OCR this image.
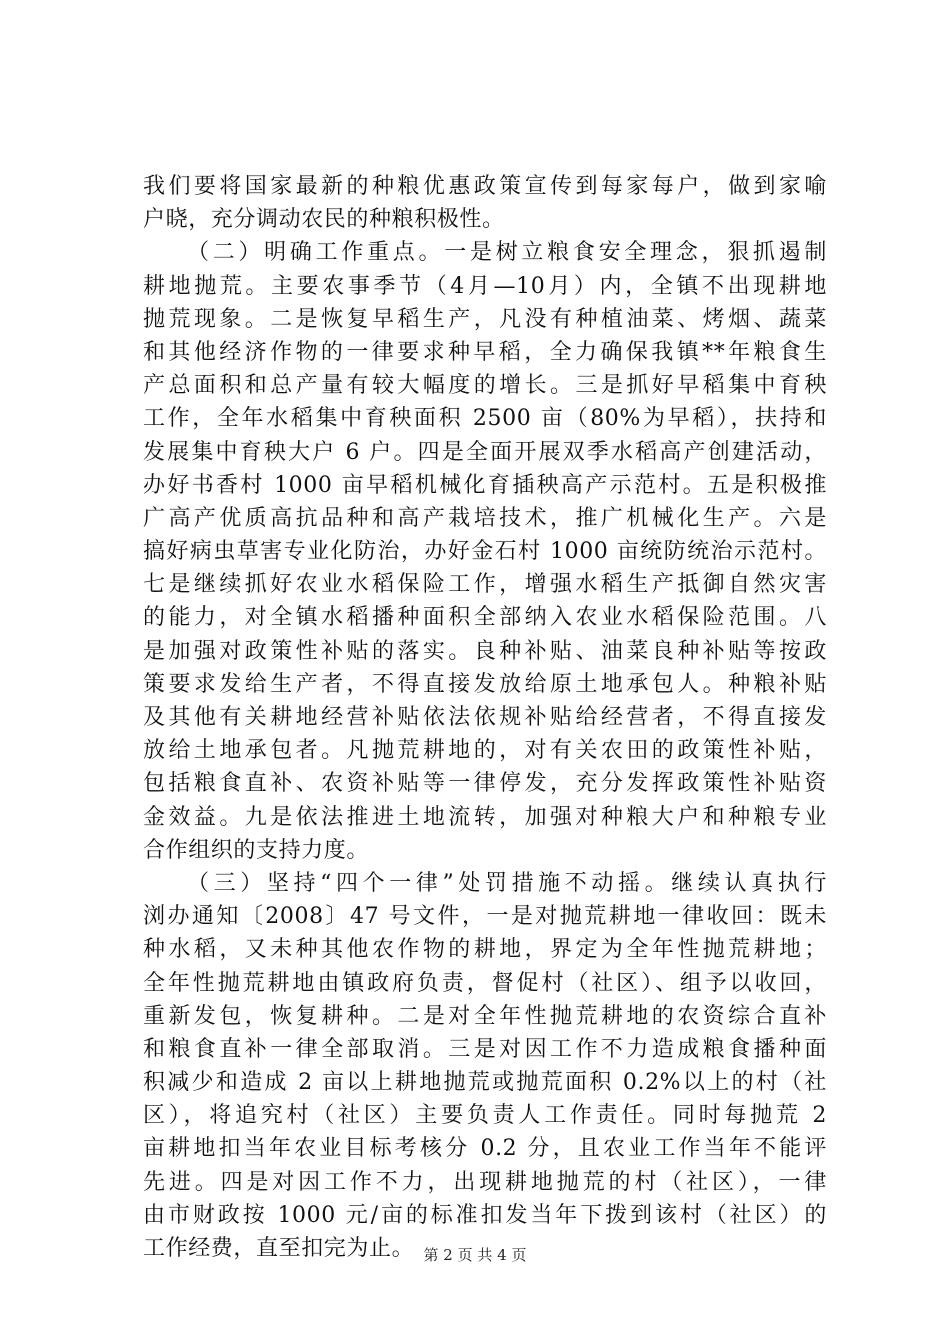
我们要将国家最新的种粮优惠政策宣传到每家每户，做到家喻
户晓，充分调动农民的种粮积极性。
（二）明确工作重点。一是树立粮食安全理念，狠抓遏制
耕地抛荒。主要农事季节（4月—10月）内，全镇不出现耕地
抛荒现象。二是恢复早稻生产，凡没有种植油菜、烤烟、蔬菜
和其他经济作物的一律要求种早稻，全力确保我镇**年粮食生
产总面积和总产量有较大幅度的增长。三是抓好早稻集中育秧
工作，全年水稻集中育秧面积 2500 亩（80%为早稻），扶持和
发展集中育秧大户 6 户。四是全面开展双季水稻高产创建活动，
办好书香村 1000 亩早稻机械化育插秧高产示范村。五是积极推
广高产优质高抗品种和高产栽培技术，推广机械化生产。六是
搞好病虫草害专业化防治，办好金石村 1000 亩统防统治示范村。
七是继续抓好农业水稻保险工作，增强水稻生产抵御自然灾害
的能力，对全镇水稻播种面积全部纳入农业水稻保险范围。八
是加强对政策性补贴的落实。良种补贴、油菜良种补贴等按政
策要求发给生产者，不得直接发放给原土地承包人。种粮补贴
及其他有关耕地经营补贴依法依规补贴给经营者，不得直接发
放给土地承包者。凡抛荒耕地的，对有关农田的政策性补贴，
包括粮食直补、农资补贴等一律停发，充分发挥政策性补贴资
金效益。九是依法推进土地流转，加强对种粮大户和种粮专业
合作组织的支持力度。
（三）坚持“四个一律”处罚措施不动摇。继续认真执行
浏办通知〔2008〕47 号文件，一是对抛荒耕地一律收回：既未
种水稻，又未种其他农作物的耕地，界定为全年性抛荒耕地；
全年性抛荒耕地由镇政府负责，督促村（社区）、组予以收回，
重新发包，恢复耕种。二是对全年性抛荒耕地的农资综合直补
和粮食直补一律全部取消。三是对因工作不力造成粮食播种面
积减少和造成 2 亩以上耕地抛荒或抛荒面积 0.2%以上的村（社
区），将追究村（社区）主要负责人工作责任。同时每抛荒 2
亩耕地扣当年农业目标考核分 0.2 分，且农业工作当年不能评
先进。四是对因工作不力，出现耕地抛荒的村（社区），一律
由市财政按 1000 元/亩的标准扣发当年下拨到该村（社区）的
工作经费，直至扣完为止。 第 2 页 共 4 页
